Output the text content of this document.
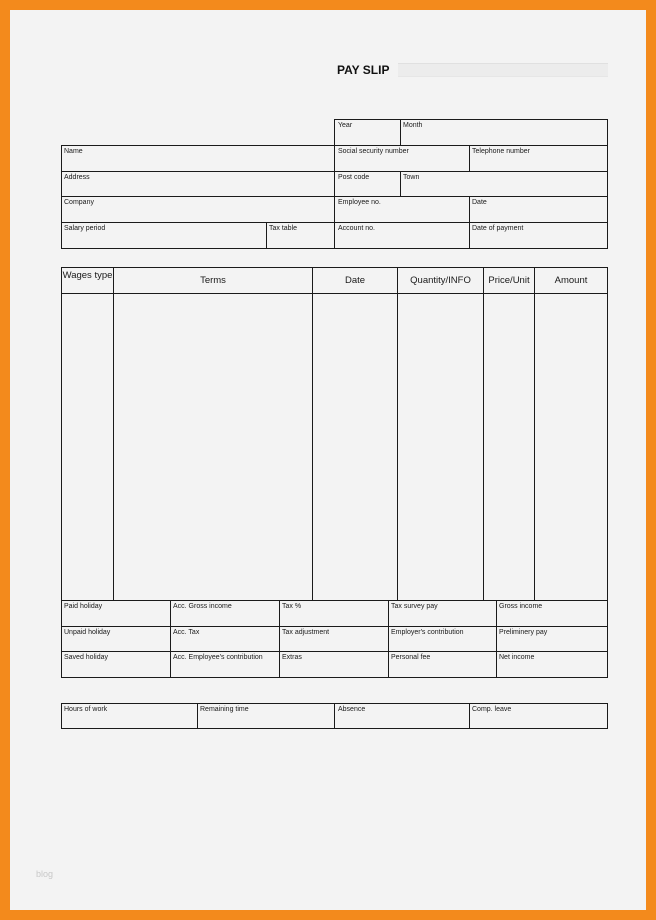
PAY SLIP
Year	Month
Name	Social security number	Telephone number
Address	Post code	Town
Company	Employee no.	Date
Salary period	Tax table	Account no.	Date of payment
Wages type	Terms	Date	Quantity/INFO	Price/Unit	Amount
Paid holiday	Acc. Gross income	Tax %	Tax survey pay	Gross income
Unpaid holiday	Acc. Tax	Tax adjustment	Employer's contribution	Preliminery pay
Saved holiday	Acc. Employee's contribution	Extras	Personal fee	Net income
Hours of work	Remaining time	Absence	Comp. leave
blog
